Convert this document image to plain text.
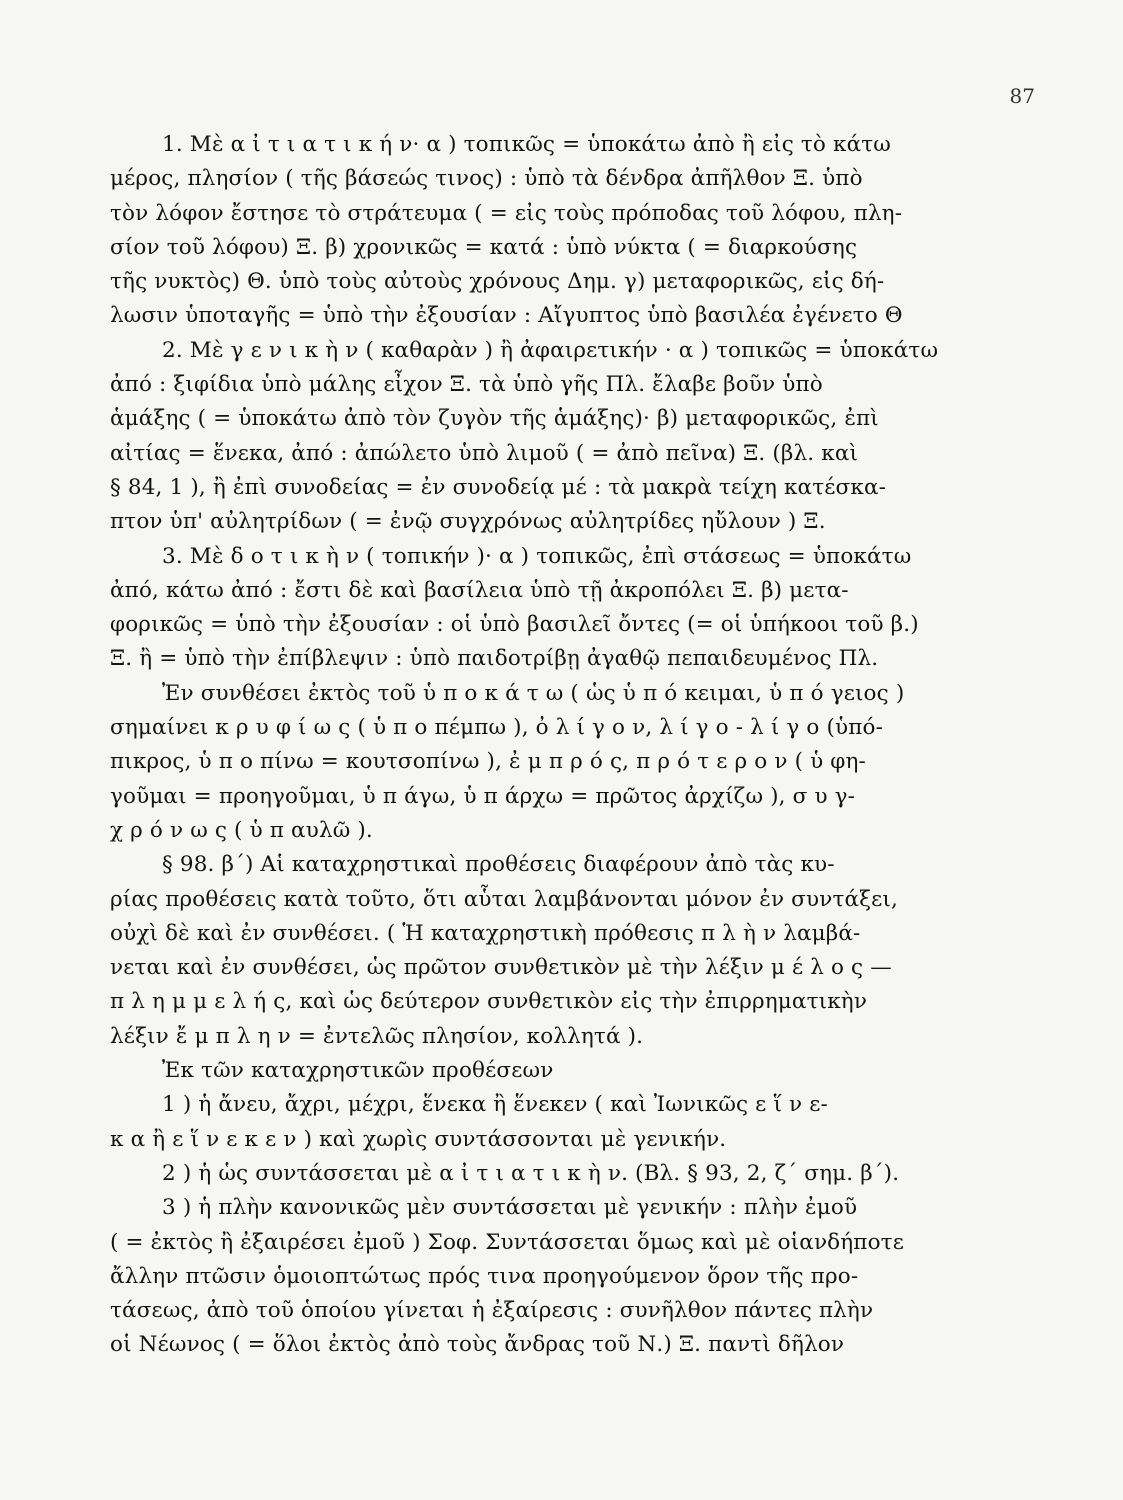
87
1. Μὲ α ἰ τ ι α τ ι κ ή ν· α ) τοπικῶς = ὑποκάτω ἀπὸ ἢ εἰς τὸ κάτω
μέρος, πλησίον ( τῆς βάσεώς τινος) : ὑπὸ τὰ δένδρα ἀπῆλθον Ξ. ὑπὸ
τὸν λόφον ἔστησε τὸ στράτευμα ( = εἰς τοὺς πρόποδας τοῦ λόφου, πλη-
σίον τοῦ λόφου) Ξ. β) χρονικῶς = κατά : ὑπὸ νύκτα ( = διαρκούσης
τῆς νυκτὸς) Θ. ὑπὸ τοὺς αὐτοὺς χρόνους Δημ. γ) μεταφορικῶς, εἰς δή-
λωσιν ὑποταγῆς = ὑπὸ τὴν ἐξουσίαν : Αἴγυπτος ὑπὸ βασιλέα ἐγένετο Θ
2. Μὲ γ ε ν ι κ ὴ ν ( καθαρὰν ) ἢ ἀφαιρετικήν · α ) τοπικῶς = ὑποκάτω
ἀπό : ξιφίδια ὑπὸ μάλης εἶχον Ξ. τὰ ὑπὸ γῆς Πλ. ἔλαβε βοῦν ὑπὸ
ἁμάξης ( = ὑποκάτω ἀπὸ τὸν ζυγὸν τῆς ἁμάξης)· β) μεταφορικῶς, ἐπὶ
αἰτίας = ἕνεκα, ἀπό : ἀπώλετο ὑπὸ λιμοῦ ( = ἀπὸ πεῖνα) Ξ. (βλ. καὶ
§ 84, 1 ), ἢ ἐπὶ συνοδείας = ἐν συνοδείᾳ μέ : τὰ μακρὰ τείχη κατέσκα-
πτον ὑπ' αὐλητρίδων ( = ἐνῷ συγχρόνως αὐλητρίδες ηὔλουν ) Ξ.
3. Μὲ δ ο τ ι κ ὴ ν ( τοπικήν )· α ) τοπικῶς, ἐπὶ στάσεως = ὑποκάτω
ἀπό, κάτω ἀπό : ἔστι δὲ καὶ βασίλεια ὑπὸ τῇ ἀκροπόλει Ξ. β) μετα-
φορικῶς = ὑπὸ τὴν ἐξουσίαν : οἱ ὑπὸ βασιλεῖ ὄντες (= οἱ ὑπήκοοι τοῦ β.)
Ξ. ἢ = ὑπὸ τὴν ἐπίβλεψιν : ὑπὸ παιδοτρίβῃ ἀγαθῷ πεπαιδευμένος Πλ.
Ἐν συνθέσει ἐκτὸς τοῦ ὑ π ο κ ά τ ω ( ὡς ὑ π ό κειμαι, ὑ π ό γειος )
σημαίνει κ ρ υ φ ί ω ς ( ὑ π ο πέμπω ), ὀ λ ί γ ο ν, λ ί γ ο - λ ί γ ο (ὑπό-
πικρος, ὑ π ο πίνω = κουτσοπίνω ), ἐ μ π ρ ό ς, π ρ ό τ ε ρ ο ν ( ὑ φη-
γοῦμαι = προηγοῦμαι, ὑ π άγω, ὑ π άρχω = πρῶτος ἀρχίζω ), σ υ γ-
χ ρ ό ν ω ς ( ὑ π αυλῶ ).
§ 98. β΄) Αἱ καταχρηστικαὶ προθέσεις διαφέρουν ἀπὸ τὰς κυ-
ρίας προθέσεις κατὰ τοῦτο, ὅτι αὗται λαμβάνονται μόνον ἐν συντάξει,
οὐχὶ δὲ καὶ ἐν συνθέσει. ( Ἡ καταχρηστικὴ πρόθεσις π λ ὴ ν λαμβά-
νεται καὶ ἐν συνθέσει, ὡς πρῶτον συνθετικὸν μὲ τὴν λέξιν μ έ λ ο ς —
π λ η μ μ ε λ ή ς, καὶ ὡς δεύτερον συνθετικὸν εἰς τὴν ἐπιρρηματικὴν
λέξιν ἔ μ π λ η ν = ἐντελῶς πλησίον, κολλητά ).
Ἐκ τῶν καταχρηστικῶν προθέσεων
1 ) ἡ ἄνευ, ἄχρι, μέχρι, ἕνεκα ἢ ἕνεκεν ( καὶ Ἰωνικῶς ε ἵ ν ε-
κ α ἢ ε ἵ ν ε κ ε ν ) καὶ χωρὶς συντάσσονται μὲ γενικήν.
2 ) ἡ ὡς συντάσσεται μὲ α ἰ τ ι α τ ι κ ὴ ν. (Βλ. § 93, 2, ζ΄ σημ. β΄).
3 ) ἡ πλὴν κανονικῶς μὲν συντάσσεται μὲ γενικήν : πλὴν ἐμοῦ
( = ἐκτὸς ἢ ἐξαιρέσει ἐμοῦ ) Σοφ. Συντάσσεται ὅμως καὶ μὲ οἱανδήποτε
ἄλλην πτῶσιν ὁμοιοπτώτως πρός τινα προηγούμενον ὅρον τῆς προ-
τάσεως, ἀπὸ τοῦ ὁποίου γίνεται ἡ ἐξαίρεσις : συνῆλθον πάντες πλὴν
οἱ Νέωνος ( = ὅλοι ἐκτὸς ἀπὸ τοὺς ἄνδρας τοῦ Ν.) Ξ. παντὶ δῆλον
